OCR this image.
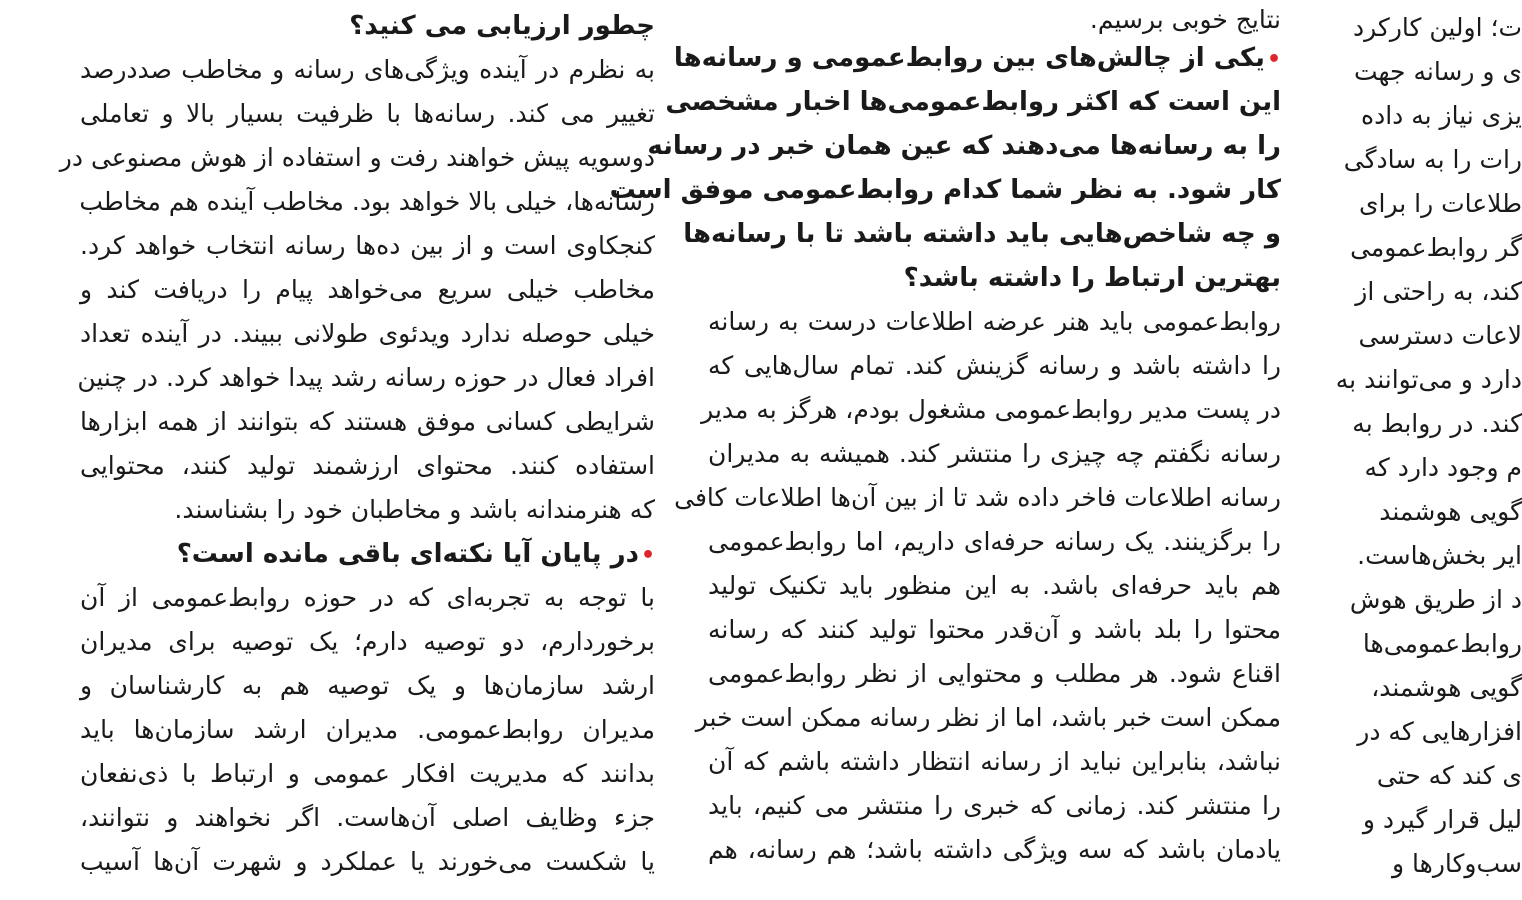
چطور ارزیابی می کنید؟
به نظرم در آینده ویژگی‌های رسانه و مخاطب صددرصد
تغییر می کند. رسانه‌ها با ظرفیت بسیار بالا و تعاملی
دوسویه پیش خواهند رفت و استفاده از هوش مصنوعی در
رسانه‌ها، خیلی بالا خواهد بود. مخاطب آینده هم مخاطب
کنجکاوی است و از بین ده‌ها رسانه انتخاب خواهد کرد.
مخاطب خیلی سریع می‌خواهد پیام را دریافت کند و
خیلی حوصله ندارد ویدئوی طولانی ببیند. در آینده تعداد
افراد فعال در حوزه رسانه رشد پیدا خواهد کرد. در چنین
شرایطی کسانی موفق هستند که بتوانند از همه ابزارها
استفاده کنند. محتوای ارزشمند تولید کنند، محتوایی
که هنرمندانه باشد و مخاطبان خود را بشناسند.
•در پایان آیا نکته‌ای باقی مانده است؟
با توجه به تجربه‌ای که در حوزه روابط‌عمومی از آن
برخوردارم، دو توصیه دارم؛ یک توصیه برای مدیران
ارشد سازمان‌ها و یک توصیه هم به کارشناسان و
مدیران روابط‌عمومی. مدیران ارشد سازمان‌ها باید
بدانند که مدیریت افکار عمومی و ارتباط با ذی‌نفعان
جزء وظایف اصلی آن‌هاست. اگر نخواهند و نتوانند،
یا شکست می‌خورند یا عملکرد و شهرت آن‌ها آسیب
نتایج خوبی برسیم.
•یکی از چالش‌های بین روابط‌عمومی و رسانه‌ها
این است که اکثر روابط‌عمومی‌ها اخبار مشخصی
را به رسانه‌ها می‌دهند که عین همان خبر در رسانه
کار شود. به نظر شما کدام روابط‌عمومی موفق است
و چه شاخص‌هایی باید داشته باشد تا با رسانه‌ها
بهترین ارتباط را داشته باشد؟
روابط‌عمومی باید هنر عرضه اطلاعات درست به رسانه
را داشته باشد و رسانه گزینش کند. تمام سال‌هایی که
در پست مدیر روابط‌عمومی مشغول بودم، هرگز به مدیر
رسانه نگفتم چه چیزی را منتشر کند. همیشه به مدیران
رسانه اطلاعات فاخر داده شد تا از بین آن‌ها اطلاعات کافی
را برگزینند. یک رسانه حرفه‌ای داریم، اما روابط‌عمومی
هم باید حرفه‌ای باشد. به این منظور باید تکنیک تولید
محتوا را بلد باشد و آن‌قدر محتوا تولید کنند که رسانه
اقناع شود. هر مطلب و محتوایی از نظر روابط‌عمومی
ممکن است خبر باشد، اما از نظر رسانه ممکن است خبر
نباشد، بنابراین نباید از رسانه انتظار داشته باشم که آن
را منتشر کند. زمانی که خبری را منتشر می کنیم، باید
یادمان باشد که سه ویژگی داشته باشد؛ هم رسانه، هم
ت؛ اولین کارکرد
ی و رسانه جهت
یزی نیاز به داده
رات را به سادگی
طلاعات را برای
گر روابط‌عمومی
کند، به راحتی از
لاعات دسترسی
دارد و می‌توانند به
کند. در روابط به
م وجود دارد که
گویی هوشمند
ایر بخش‌هاست.
د از طریق هوش
روابط‌عمومی‌ها
گویی هوشمند،
افزارهایی که در
ی کند که حتی
لیل قرار گیرد و
سب‌وکارها و
